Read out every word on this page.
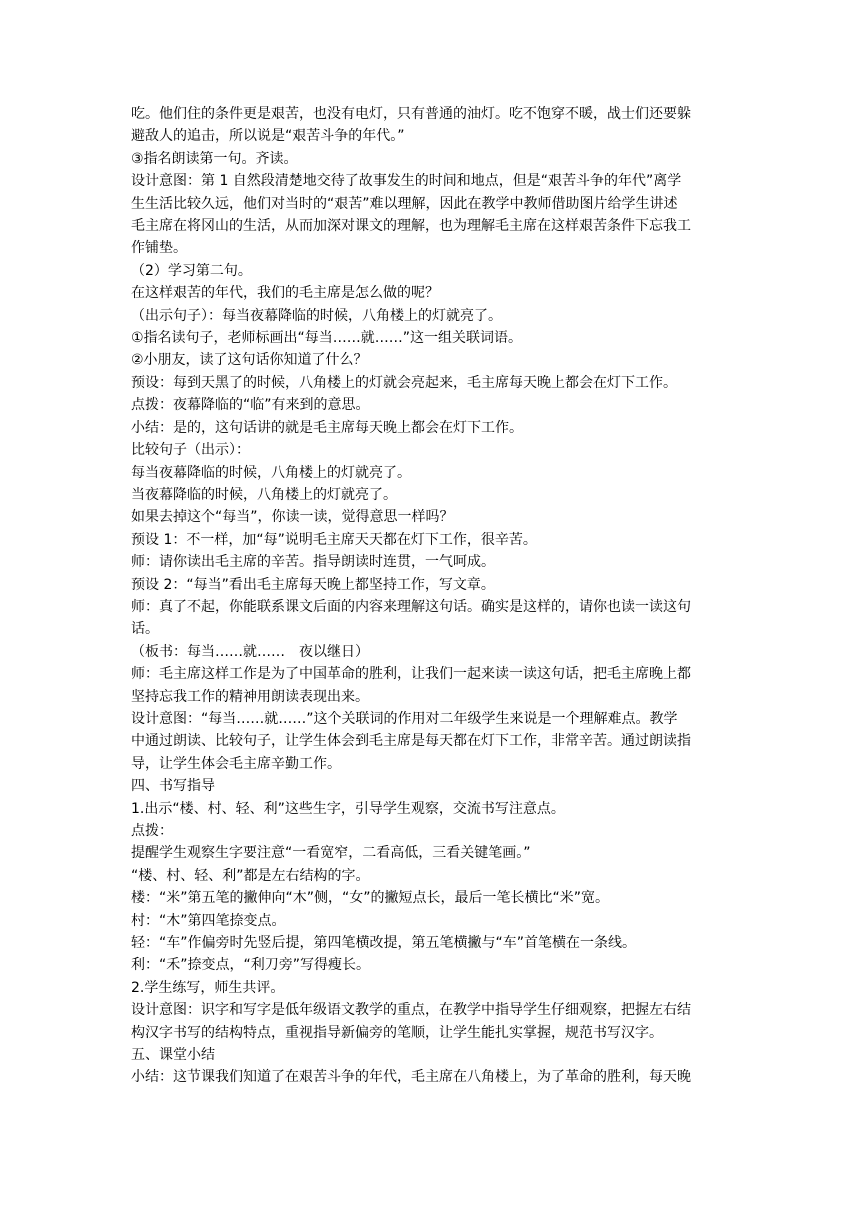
吃。他们住的条件更是艰苦，也没有电灯，只有普通的油灯。吃不饱穿不暖，战士们还要躲
避敌人的追击，所以说是“艰苦斗争的年代。”
③指名朗读第一句。齐读。
设计意图：第 1 自然段清楚地交待了故事发生的时间和地点，但是“艰苦斗争的年代”离学
生生活比较久远，他们对当时的“艰苦”难以理解，因此在教学中教师借助图片给学生讲述
毛主席在将冈山的生活，从而加深对课文的理解，也为理解毛主席在这样艰苦条件下忘我工
作铺垫。
（2）学习第二句。
在这样艰苦的年代，我们的毛主席是怎么做的呢？
（出示句子）：每当夜幕降临的时候，八角楼上的灯就亮了。
①指名读句子，老师标画出“每当……就……”这一组关联词语。
②小朋友，读了这句话你知道了什么？
预设：每到天黑了的时候，八角楼上的灯就会亮起来，毛主席每天晚上都会在灯下工作。
点拨：夜幕降临的“临”有来到的意思。
小结：是的，这句话讲的就是毛主席每天晚上都会在灯下工作。
比较句子（出示）：
每当夜幕降临的时候，八角楼上的灯就亮了。
当夜幕降临的时候，八角楼上的灯就亮了。
如果去掉这个“每当”，你读一读，觉得意思一样吗？
预设 1：不一样，加“每”说明毛主席天天都在灯下工作，很辛苦。
师：请你读出毛主席的辛苦。指导朗读时连贯，一气呵成。
预设 2：“每当”看出毛主席每天晚上都坚持工作，写文章。
师：真了不起，你能联系课文后面的内容来理解这句话。确实是这样的，请你也读一读这句
话。
（板书：每当……就……　夜以继日）
师：毛主席这样工作是为了中国革命的胜利，让我们一起来读一读这句话，把毛主席晚上都
坚持忘我工作的精神用朗读表现出来。
设计意图：“每当……就……”这个关联词的作用对二年级学生来说是一个理解难点。教学
中通过朗读、比较句子，让学生体会到毛主席是每天都在灯下工作，非常辛苦。通过朗读指
导，让学生体会毛主席辛勤工作。
四、书写指导
1.出示“楼、村、轻、利”这些生字，引导学生观察，交流书写注意点。
点拨：
提醒学生观察生字要注意“一看宽窄，二看高低，三看关键笔画。”
“楼、村、轻、利”都是左右结构的字。
楼：“米”第五笔的撇伸向“木”侧，“女”的撇短点长，最后一笔长横比“米”宽。
村：“木”第四笔捺变点。
轻：“车”作偏旁时先竖后提，第四笔横改提，第五笔横撇与“车”首笔横在一条线。
利：“禾”捺变点，“利刀旁”写得瘦长。
2.学生练写，师生共评。
设计意图：识字和写字是低年级语文教学的重点，在教学中指导学生仔细观察，把握左右结
构汉字书写的结构特点，重视指导新偏旁的笔顺，让学生能扎实掌握，规范书写汉字。
五、课堂小结
小结：这节课我们知道了在艰苦斗争的年代，毛主席在八角楼上，为了革命的胜利，每天晚
